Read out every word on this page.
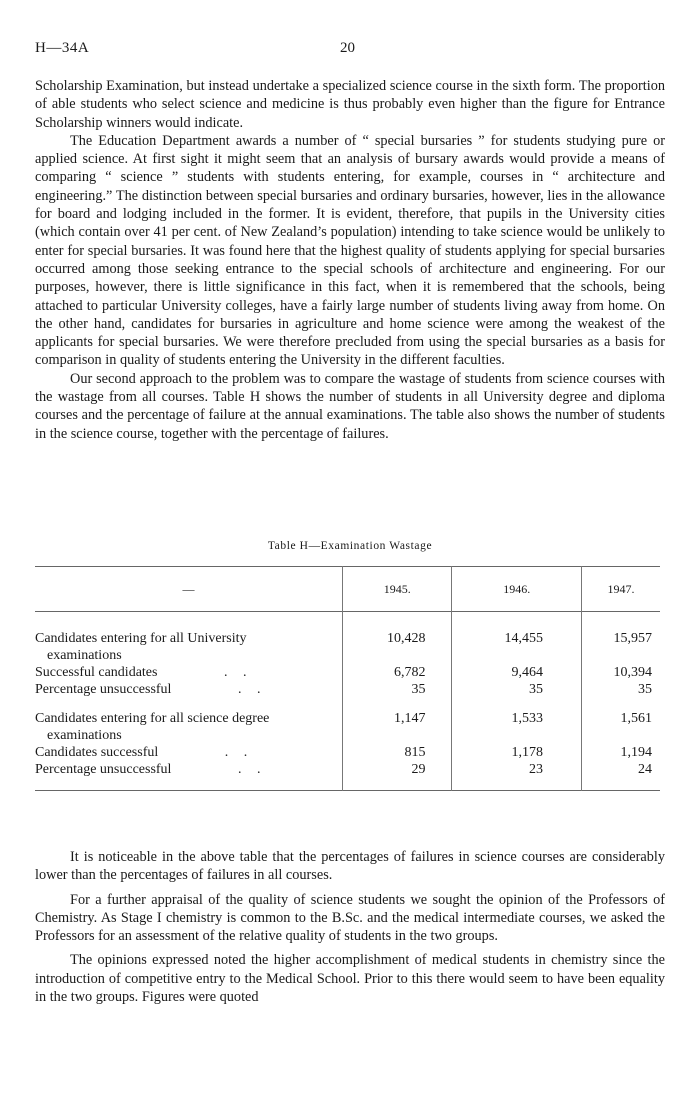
H—34A	20

Scholarship Examination, but instead undertake a specialized science course in the sixth form. The proportion of able students who select science and medicine is thus probably even higher than the figure for Entrance Scholarship winners would indicate.

The Education Department awards a number of “ special bursaries ” for students studying pure or applied science. At first sight it might seem that an analysis of bursary awards would provide a means of comparing “ science ” students with students entering, for example, courses in “ architecture and engineering.” The distinction between special bursaries and ordinary bursaries, however, lies in the allowance for board and lodging included in the former. It is evident, therefore, that pupils in the University cities (which contain over 41 per cent. of New Zealand’s population) intending to take science would be unlikely to enter for special bursaries. It was found here that the highest quality of students applying for special bursaries occurred among those seeking entrance to the special schools of architecture and engineering. For our purposes, however, there is little significance in this fact, when it is remembered that the schools, being attached to particular University colleges, have a fairly large number of students living away from home. On the other hand, candidates for bursaries in agriculture and home science were among the weakest of the applicants for special bursaries. We were therefore precluded from using the special bursaries as a basis for comparison in quality of students entering the University in the different faculties.

Our second approach to the problem was to compare the wastage of students from science courses with the wastage from all courses. Table H shows the number of students in all University degree and diploma courses and the percentage of failure at the annual examinations. The table also shows the number of students in the science course, together with the percentage of failures.

Table H—Examination Wastage
—	1945.	1946.	1947.

Candidates entering for all University
examinations	10,428	14,455	15,957
Successful candidates . .	6,782	9,464	10,394
Percentage unsuccessful . .	35	35	35

Candidates entering for all science degree
examinations	1,147	1,533	1,561
Candidates successful . .	815	1,178	1,194
Percentage unsuccessful . .	29	23	24

It is noticeable in the above table that the percentages of failures in science courses are considerably lower than the percentages of failures in all courses.

For a further appraisal of the quality of science students we sought the opinion of the Professors of Chemistry. As Stage I chemistry is common to the B.Sc. and the medical intermediate courses, we asked the Professors for an assessment of the relative quality of students in the two groups.

The opinions expressed noted the higher accomplishment of medical students in chemistry since the introduction of competitive entry to the Medical School. Prior to this there would seem to have been equality in the two groups. Figures were quoted
